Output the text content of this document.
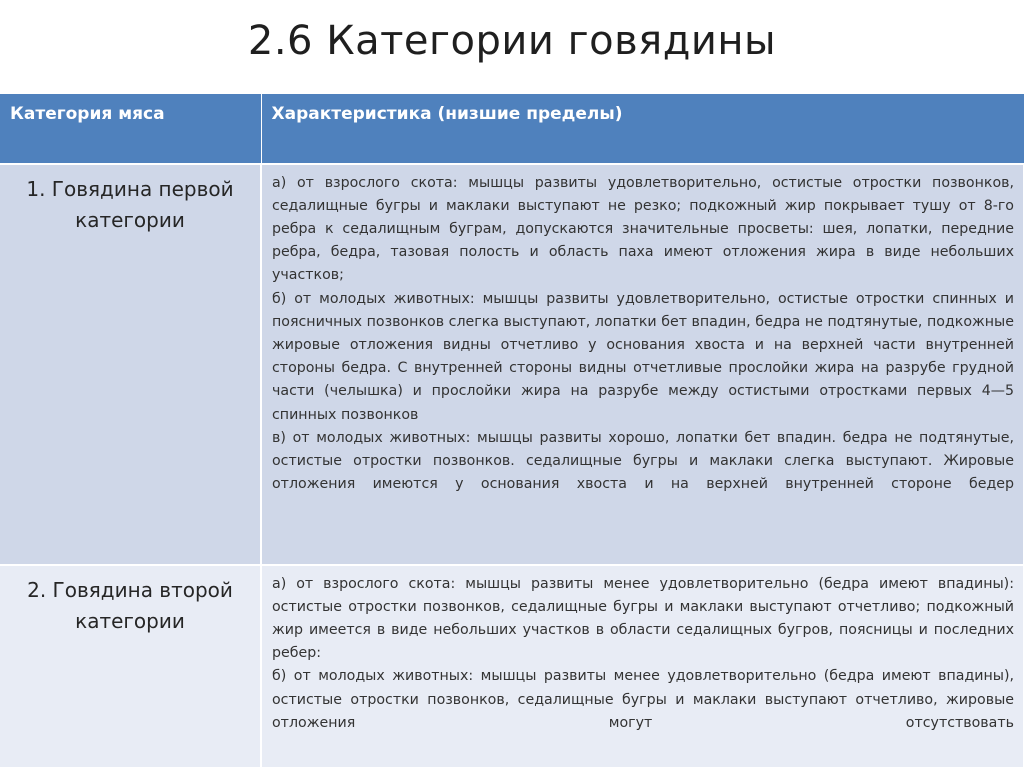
2.6 Категории говядины
Категория мяса	Характеристика (низшие пределы)

1. Говядина первой категории	а) от взрослого скота: мышцы развиты удовлетворительно, остистые отростки позвонков, седалищные бугры и маклаки выступают не резко; подкожный жир покрывает тушу от 8-го ребра к седалищным буграм, допускаются значительные просветы: шея, лопатки, передние ребра, бедра, тазовая полость и область паха имеют отложения жира в виде небольших участков;

б) от молодых животных: мышцы развиты удовлетворительно, остистые отростки спинных и поясничных позвонков слегка выступают, лопатки бет впадин, бедра не подтянутые, подкожные жировые отложения видны отчетливо у основания хвоста и на верхней части внутренней стороны бедра. С внутренней стороны видны отчетливые прослойки жира на разрубе грудной части (челышка) и прослойки жира на разрубе между остистыми отростками первых 4—5 спинных позвонков

в) от молодых животных: мышцы развиты хорошо, лопатки бет впадин. бедра не подтянутые, остистые отростки позвонков. седалищные бугры и маклаки слегка выступают. Жировые отложения имеются у основания хвоста и на верхней внутренней стороне бедер

2. Говядина второй категории	а) от взрослого скота: мышцы развиты менее удовлетворительно (бедра имеют впадины): остистые отростки позвонков, седалищные бугры и маклаки выступают отчетливо; подкожный жир имеется в виде небольших участков в области седалищных бугров, поясницы и последних ребер:

б) от молодых животных: мышцы развиты менее удовлетворительно (бедра имеют впадины), остистые отростки позвонков, седалищные бугры и маклаки выступают отчетливо, жировые отложения могут отсутствовать
